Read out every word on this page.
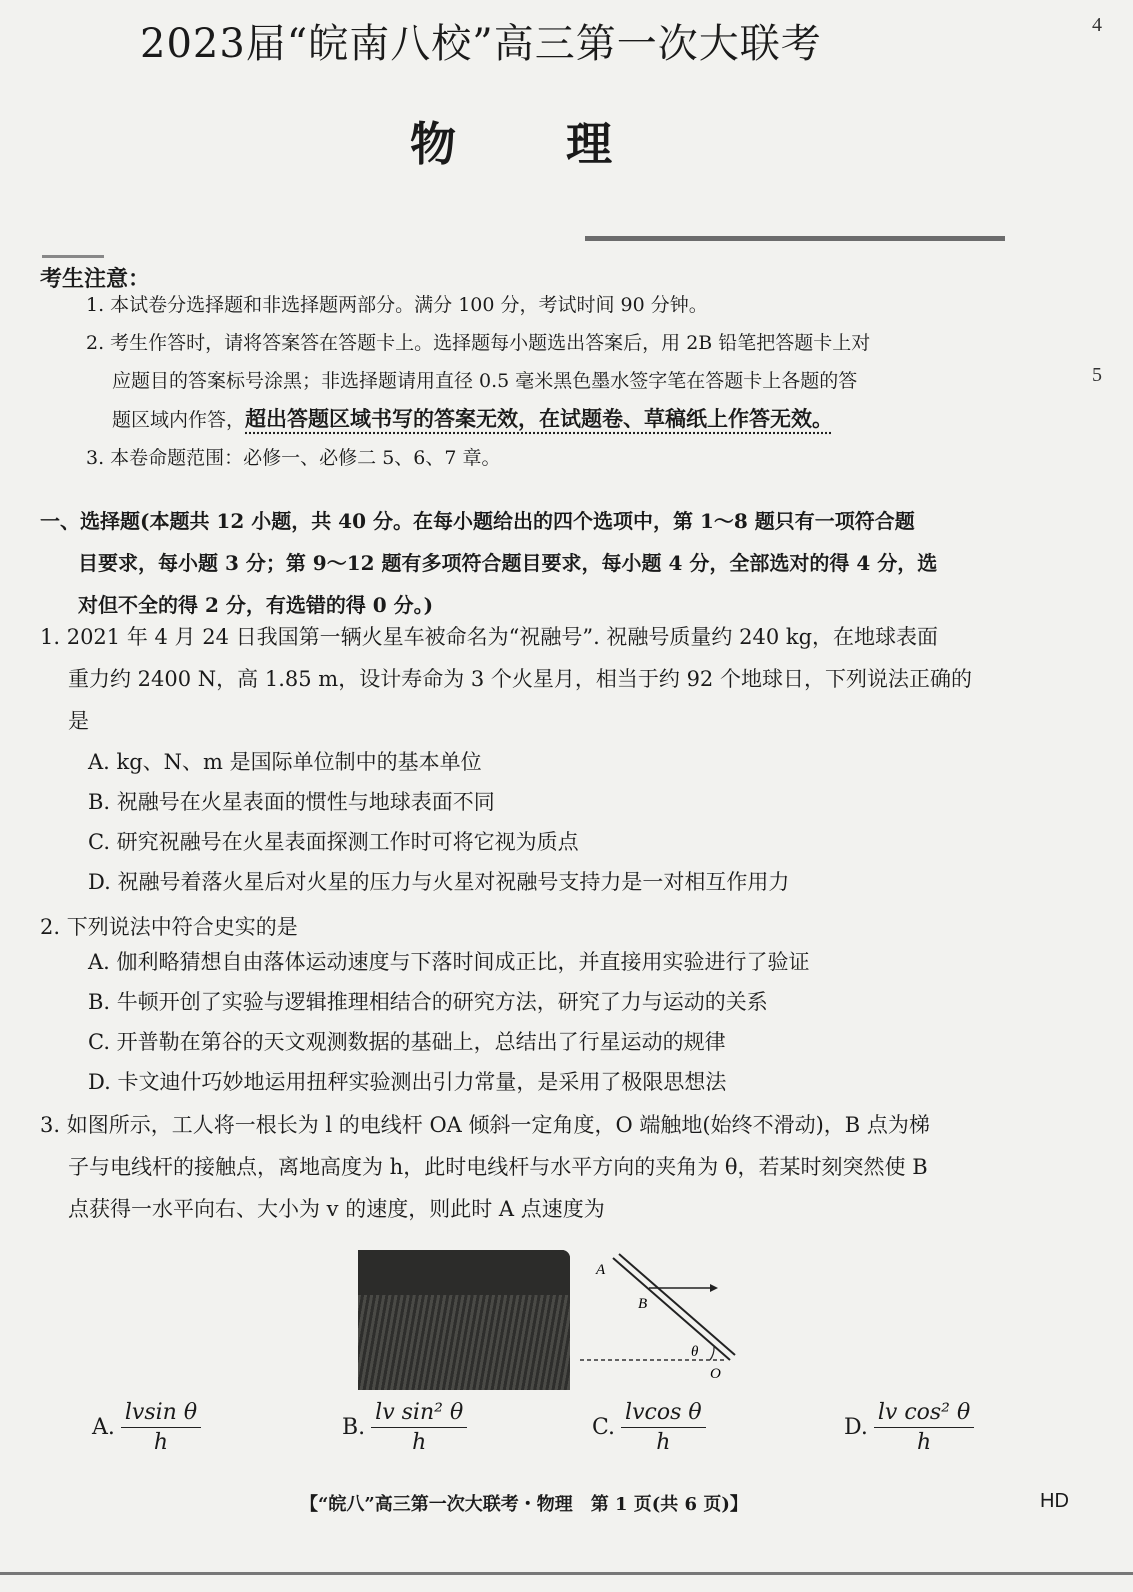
2023届“皖南八校”高三第一次大联考	4
5
物理
考生注意：
1. 本试卷分选择题和非选择题两部分。满分 100 分，考试时间 90 分钟。
2. 考生作答时，请将答案答在答题卡上。选择题每小题选出答案后，用 2B 铅笔把答题卡上对
应题目的答案标号涂黑；非选择题请用直径 0.5 毫米黑色墨水签字笔在答题卡上各题的答
题区域内作答，超出答题区域书写的答案无效，在试题卷、草稿纸上作答无效。
3. 本卷命题范围：必修一、必修二 5、6、7 章。
一、选择题(本题共 12 小题，共 40 分。在每小题给出的四个选项中，第 1～8 题只有一项符合题
目要求，每小题 3 分；第 9～12 题有多项符合题目要求，每小题 4 分，全部选对的得 4 分，选
对但不全的得 2 分，有选错的得 0 分。)
1. 2021 年 4 月 24 日我国第一辆火星车被命名为“祝融号”. 祝融号质量约 240 kg，在地球表面
重力约 2400 N，高 1.85 m，设计寿命为 3 个火星月，相当于约 92 个地球日，下列说法正确的
是
A. kg、N、m 是国际单位制中的基本单位
B. 祝融号在火星表面的惯性与地球表面不同
C. 研究祝融号在火星表面探测工作时可将它视为质点
D. 祝融号着落火星后对火星的压力与火星对祝融号支持力是一对相互作用力
2. 下列说法中符合史实的是
A. 伽利略猜想自由落体运动速度与下落时间成正比，并直接用实验进行了验证
B. 牛顿开创了实验与逻辑推理相结合的研究方法，研究了力与运动的关系
C. 开普勒在第谷的天文观测数据的基础上，总结出了行星运动的规律
D. 卡文迪什巧妙地运用扭秤实验测出引力常量，是采用了极限思想法
3. 如图所示，工人将一根长为 l 的电线杆 OA 倾斜一定角度，O 端触地(始终不滑动)，B 点为梯
子与电线杆的接触点，离地高度为 h，此时电线杆与水平方向的夹角为 θ，若某时刻突然使 B
点获得一水平向右、大小为 v 的速度，则此时 A 点速度为
A
B
θ
O
A. $\frac{\text{lvsin θ}}{h}$	B. $\frac{\text{lv sin² θ}}{h}$	C. $\frac{\text{lvcos θ}}{h}$	D. $\frac{\text{lv cos² θ}}{h}$
【“皖八”高三第一次大联考・物理　第 1 页(共 6 页)】	HD
